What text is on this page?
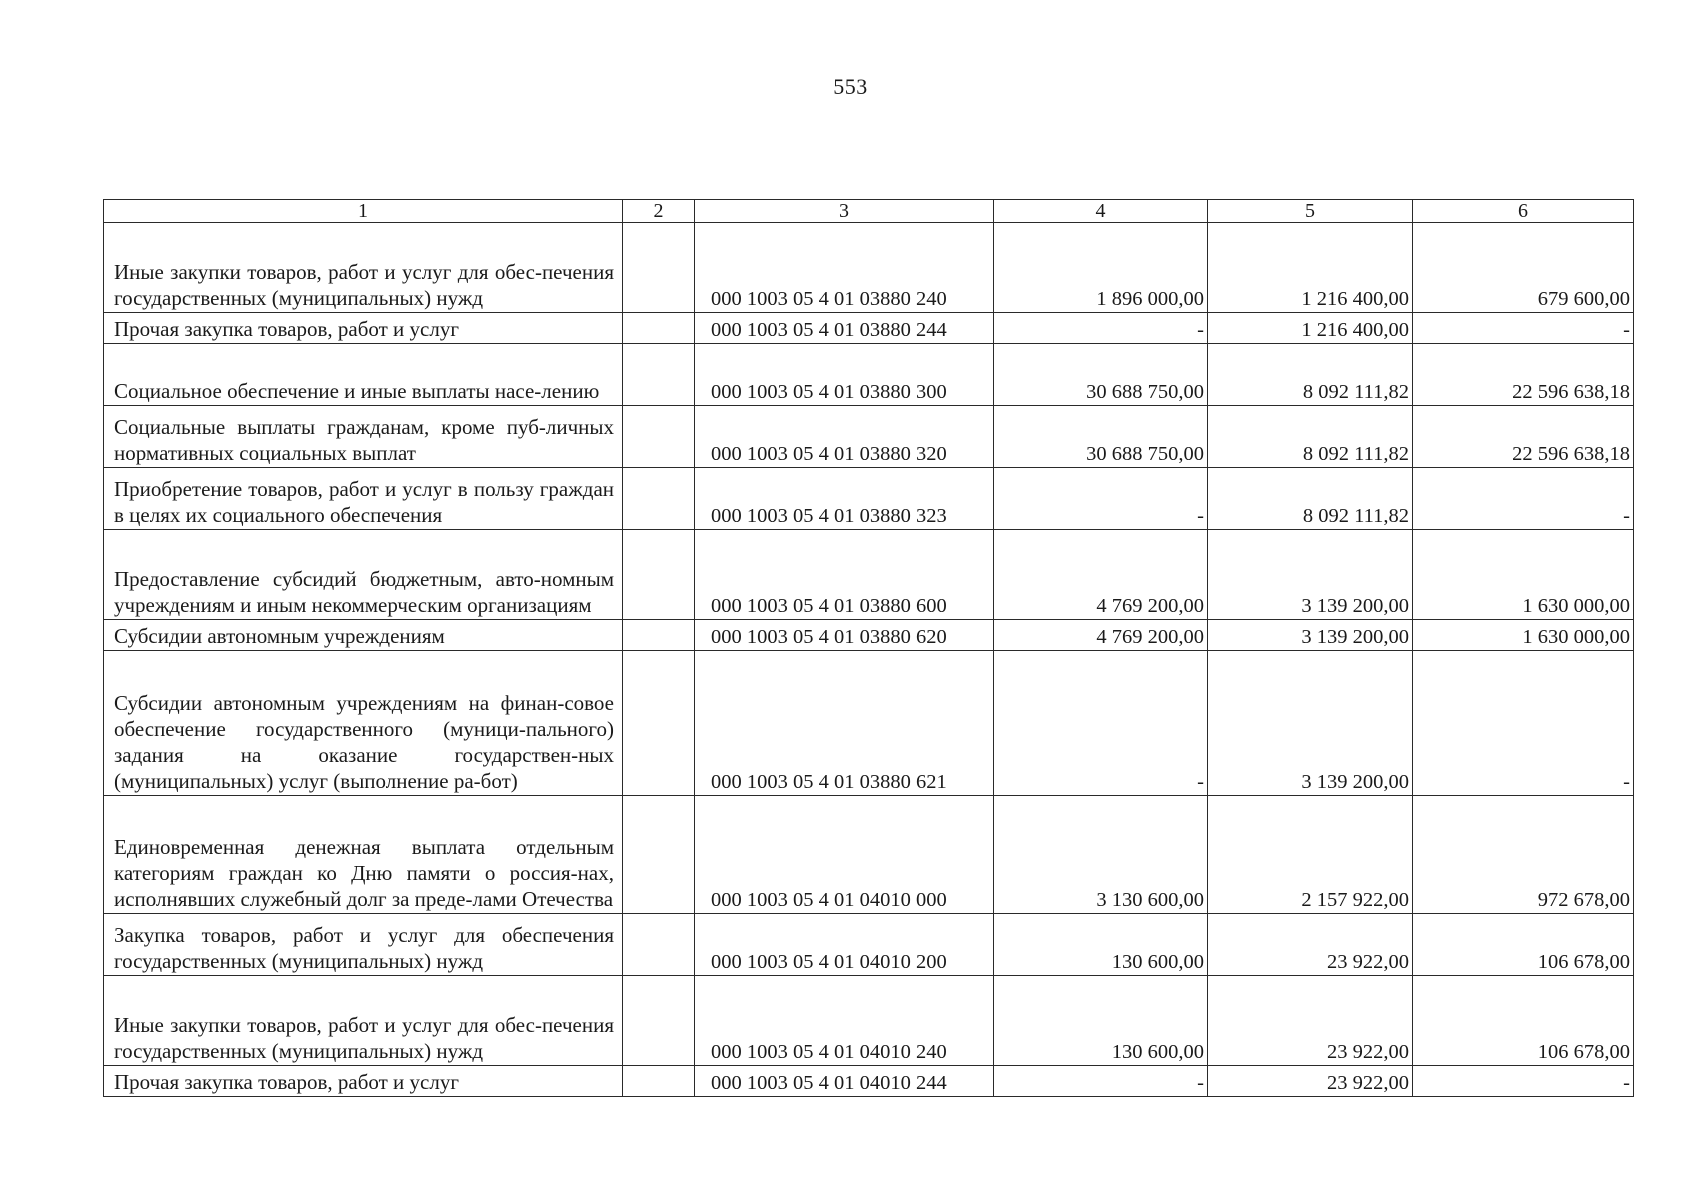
553
1	2	3	4	5	6
Иные закупки товаров, работ и услуг для обес-печения государственных (муниципальных) нужд		000 1003 05 4 01 03880 240	1 896 000,00	1 216 400,00	679 600,00
Прочая закупка товаров, работ и услуг		000 1003 05 4 01 03880 244	-	1 216 400,00	-
Социальное обеспечение и иные выплаты насе-лению		000 1003 05 4 01 03880 300	30 688 750,00	8 092 111,82	22 596 638,18
Социальные выплаты гражданам, кроме пуб-личных нормативных социальных выплат		000 1003 05 4 01 03880 320	30 688 750,00	8 092 111,82	22 596 638,18
Приобретение товаров, работ и услуг в пользу граждан в целях их социального обеспечения		000 1003 05 4 01 03880 323	-	8 092 111,82	-
Предоставление субсидий бюджетным, авто-номным учреждениям и иным некоммерческим организациям		000 1003 05 4 01 03880 600	4 769 200,00	3 139 200,00	1 630 000,00
Субсидии автономным учреждениям		000 1003 05 4 01 03880 620	4 769 200,00	3 139 200,00	1 630 000,00
Субсидии автономным учреждениям на финан-совое обеспечение государственного (муници-пального) задания на оказание государствен-ных (муниципальных) услуг (выполнение ра-бот)		000 1003 05 4 01 03880 621	-	3 139 200,00	-
Единовременная денежная выплата отдельным категориям граждан ко Дню памяти о россия-нах, исполнявших служебный долг за преде-лами Отечества		000 1003 05 4 01 04010 000	3 130 600,00	2 157 922,00	972 678,00
Закупка товаров, работ и услуг для обеспечения государственных (муниципальных) нужд		000 1003 05 4 01 04010 200	130 600,00	23 922,00	106 678,00
Иные закупки товаров, работ и услуг для обес-печения государственных (муниципальных) нужд		000 1003 05 4 01 04010 240	130 600,00	23 922,00	106 678,00
Прочая закупка товаров, работ и услуг		000 1003 05 4 01 04010 244	-	23 922,00	-
